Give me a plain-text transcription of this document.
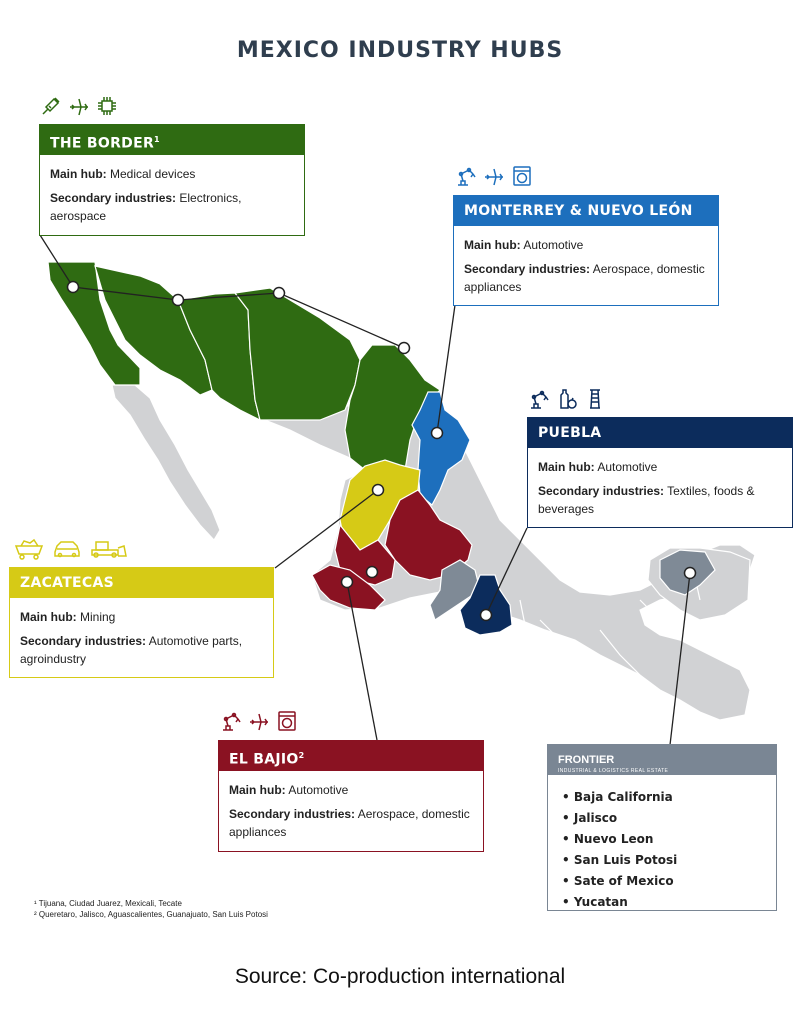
MEXICO INDUSTRY HUBS
THE BORDER$^1$

Main hub: Medical devices

Secondary industries: Electronics, aerospace	MONTERREY & NUEVO LEÓN

Main hub: Automotive

Secondary industries: Aerospace, domestic appliances

PUEBLA

Main hub: Automotive

Secondary industries: Textiles, foods & beverages

ZACATECAS

Main hub: Mining

Secondary industries: Automotive parts, agroindustry

EL BAJIO$^2$

Main hub: Automotive

Secondary industries: Aerospace, domestic appliances

FRONTIER
INDUSTRIAL & LOGISTICS REAL ESTATE
• Baja California
• Jalisco
• Nuevo Leon
• San Luis Potosi
• Sate of Mexico
• Yucatan
¹ Tijuana, Ciudad Juarez, Mexicali, Tecate
² Queretaro, Jalisco, Aguascalientes, Guanajuato, San Luis Potosi
Source: Co-production international
